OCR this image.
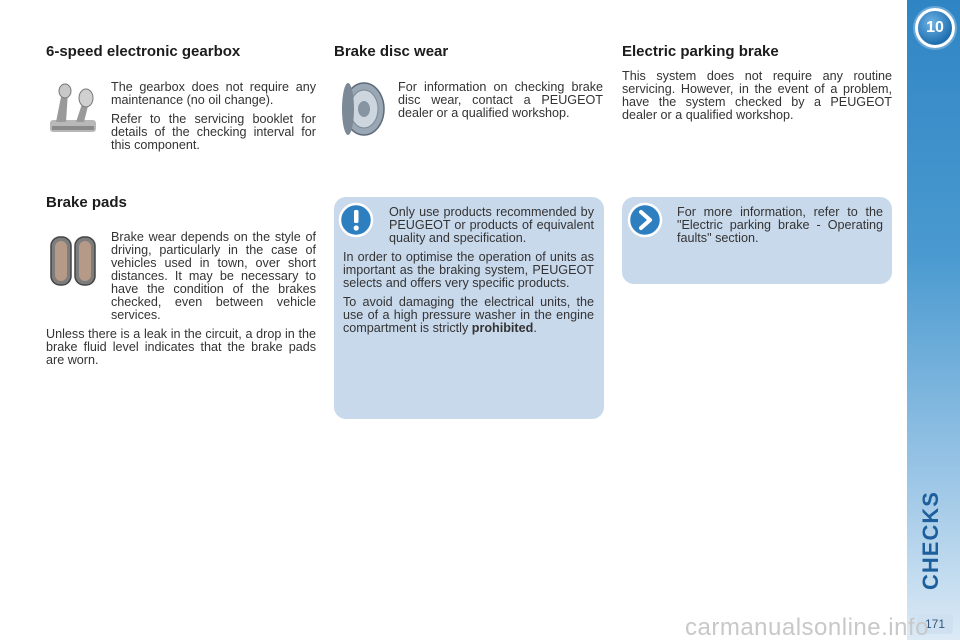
6-speed electronic gearbox

The gearbox does not require any maintenance (no oil change).

Refer to the servicing booklet for details of the checking interval for this component.

Brake pads

Brake wear depends on the style of driving, particularly in the case of vehicles used in town, over short distances. It may be necessary to have the condition of the brakes checked, even between vehicle services.

Unless there is a leak in the circuit, a drop in the brake fluid level indicates that the brake pads are worn.

Brake disc wear

For information on checking brake disc wear, contact a PEUGEOT dealer or a qualified workshop.

Only use products recommended by PEUGEOT or products of equivalent quality and specification.

In order to optimise the operation of units as important as the braking system, PEUGEOT selects and offers very specific products.

To avoid damaging the electrical units, the use of a high pressure washer in the engine compartment is strictly prohibited.

Electric parking brake

This system does not require any routine servicing. However, in the event of a problem, have the system checked by a PEUGEOT dealer or a qualified workshop.

For more information, refer to the "Electric parking brake - Operating faults" section.

10
CHECKS
171
carmanualsonline.info
